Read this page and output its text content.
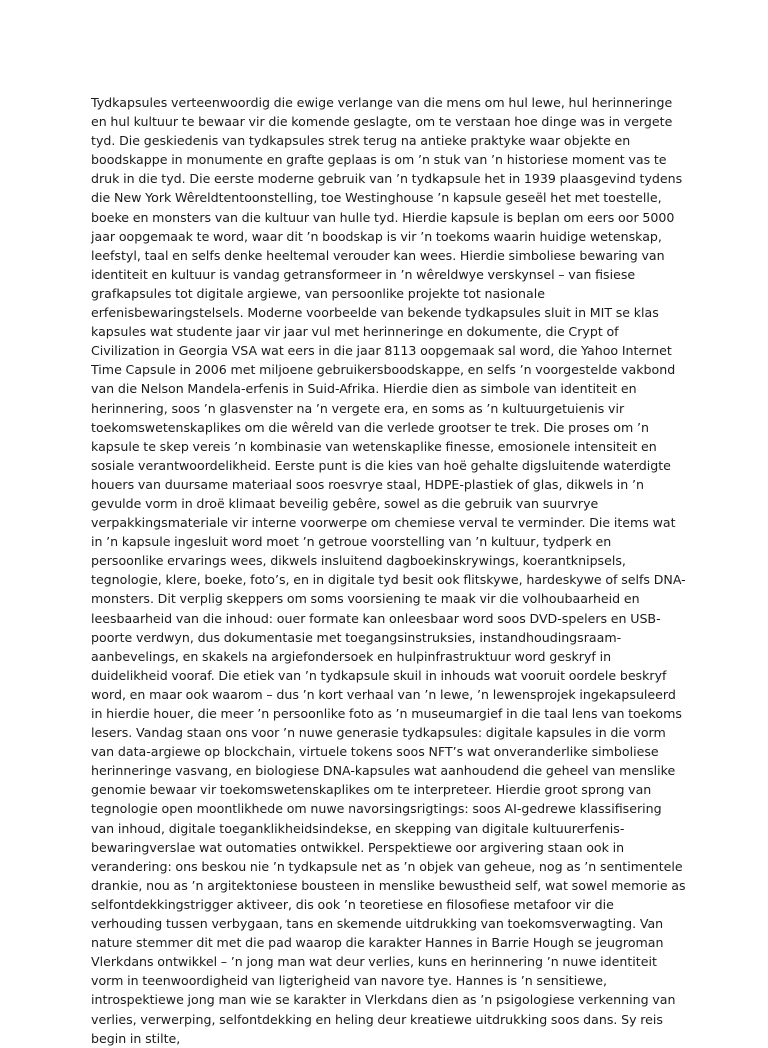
Tydkapsules verteenwoordig die ewige verlange van die mens om hul lewe, hul herinneringe en hul kultuur te bewaar vir die komende geslagte, om te verstaan hoe dinge was in vergete tyd. Die geskiedenis van tydkapsules strek terug na antieke praktyke waar objekte en boodskappe in monumente en grafte geplaas is om ’n stuk van ’n historiese moment vas te druk in die tyd. Die eerste moderne gebruik van ’n tydkapsule het in 1939 plaasgevind tydens die New York Wêreldtentoonstelling, toe Westinghouse ’n kapsule geseël het met toestelle, boeke en monsters van die kultuur van hulle tyd. Hierdie kapsule is beplan om eers oor 5000 jaar oopgemaak te word, waar dit ’n boodskap is vir ’n toekoms waarin huidige wetenskap, leefstyl, taal en selfs denke heeltemal verouder kan wees. Hierdie simboliese bewaring van identiteit en kultuur is vandag getransformeer in ’n wêreldwye verskynsel – van fisiese grafkapsules tot digitale argiewe, van persoonlike projekte tot nasionale erfenisbewaringstelsels. Moderne voorbeelde van bekende tydkapsules sluit in MIT se klas kapsules wat studente jaar vir jaar vul met herinneringe en dokumente, die Crypt of Civilization in Georgia VSA wat eers in die jaar 8113 oopgemaak sal word, die Yahoo Internet Time Capsule in 2006 met miljoene gebruikersboodskappe, en selfs ’n voorgestelde vakbond van die Nelson Mandela-erfenis in Suid-Afrika. Hierdie dien as simbole van identiteit en herinnering, soos ’n glasvenster na ’n vergete era, en soms as ’n kultuurgetuienis vir toekomswetenskaplikes om die wêreld van die verlede grootser te trek. Die proses om ’n kapsule te skep vereis ’n kombinasie van wetenskaplike finesse, emosionele intensiteit en sosiale verantwoordelikheid. Eerste punt is die kies van hoë gehalte digsluitende waterdigte houers van duursame materiaal soos roesvrye staal, HDPE-plastiek of glas, dikwels in ’n gevulde vorm in droë klimaat beveilig gebêre, sowel as die gebruik van suurvrye verpakkingsmateriale vir interne voorwerpe om chemiese verval te verminder. Die items wat in ’n kapsule ingesluit word moet ’n getroue voorstelling van ’n kultuur, tydperk en persoonlike ervarings wees, dikwels insluitend dagboekinskrywings, koerantknipsels, tegnologie, klere, boeke, foto’s, en in digitale tyd besit ook flitskywe, hardeskywe of selfs DNA-monsters. Dit verplig skeppers om soms voorsiening te maak vir die volhoubaarheid en leesbaarheid van die inhoud: ouer formate kan onleesbaar word soos DVD-spelers en USB-poorte verdwyn, dus dokumentasie met toegangsinstruksies, instandhoudingsraam-aanbevelings, en skakels na argiefondersoek en hulpinfrastruktuur word geskryf in duidelikheid vooraf. Die etiek van ’n tydkapsule skuil in inhouds wat vooruit oordele beskryf word, en maar ook waarom – dus ’n kort verhaal van ’n lewe, ’n lewensprojek ingekapsuleerd in hierdie houer, die meer ’n persoonlike foto as ’n museumargief in die taal lens van toekoms lesers. Vandag staan ons voor ’n nuwe generasie tydkapsules: digitale kapsules in die vorm van data-argiewe op blockchain, virtuele tokens soos NFT’s wat onveranderlike simboliese herinneringe vasvang, en biologiese DNA-kapsules wat aanhoudend die geheel van menslike genomie bewaar vir toekomswetenskaplikes om te interpreteer. Hierdie groot sprong van tegnologie open moontlikhede om nuwe navorsingsrigtings: soos AI-gedrewe klassifisering van inhoud, digitale toeganklikheidsindekse, en skepping van digitale kultuurerfenis-bewaringverslae wat outomaties ontwikkel. Perspektiewe oor argivering staan ook in verandering: ons beskou nie ’n tydkapsule net as ’n objek van geheue, nog as ’n sentimentele drankie, nou as ’n argitektoniese bousteen in menslike bewustheid self, wat sowel memorie as selfontdekkingstrigger aktiveer, dis ook ’n teoretiese en filosofiese metafoor vir die verhouding tussen verbygaan, tans en skemende uitdrukking van toekomsverwagting. Van nature stemmer dit met die pad waarop die karakter Hannes in Barrie Hough se jeugroman Vlerkdans ontwikkel – ’n jong man wat deur verlies, kuns en herinnering ’n nuwe identiteit vorm in teenwoordigheid van ligterigheid van navore tye. Hannes is ’n sensitiewe, introspektiewe jong man wie se karakter in Vlerkdans dien as ’n psigologiese verkenning van verlies, verwerping, selfontdekking en heling deur kreatiewe uitdrukking soos dans. Sy reis begin in stilte,
